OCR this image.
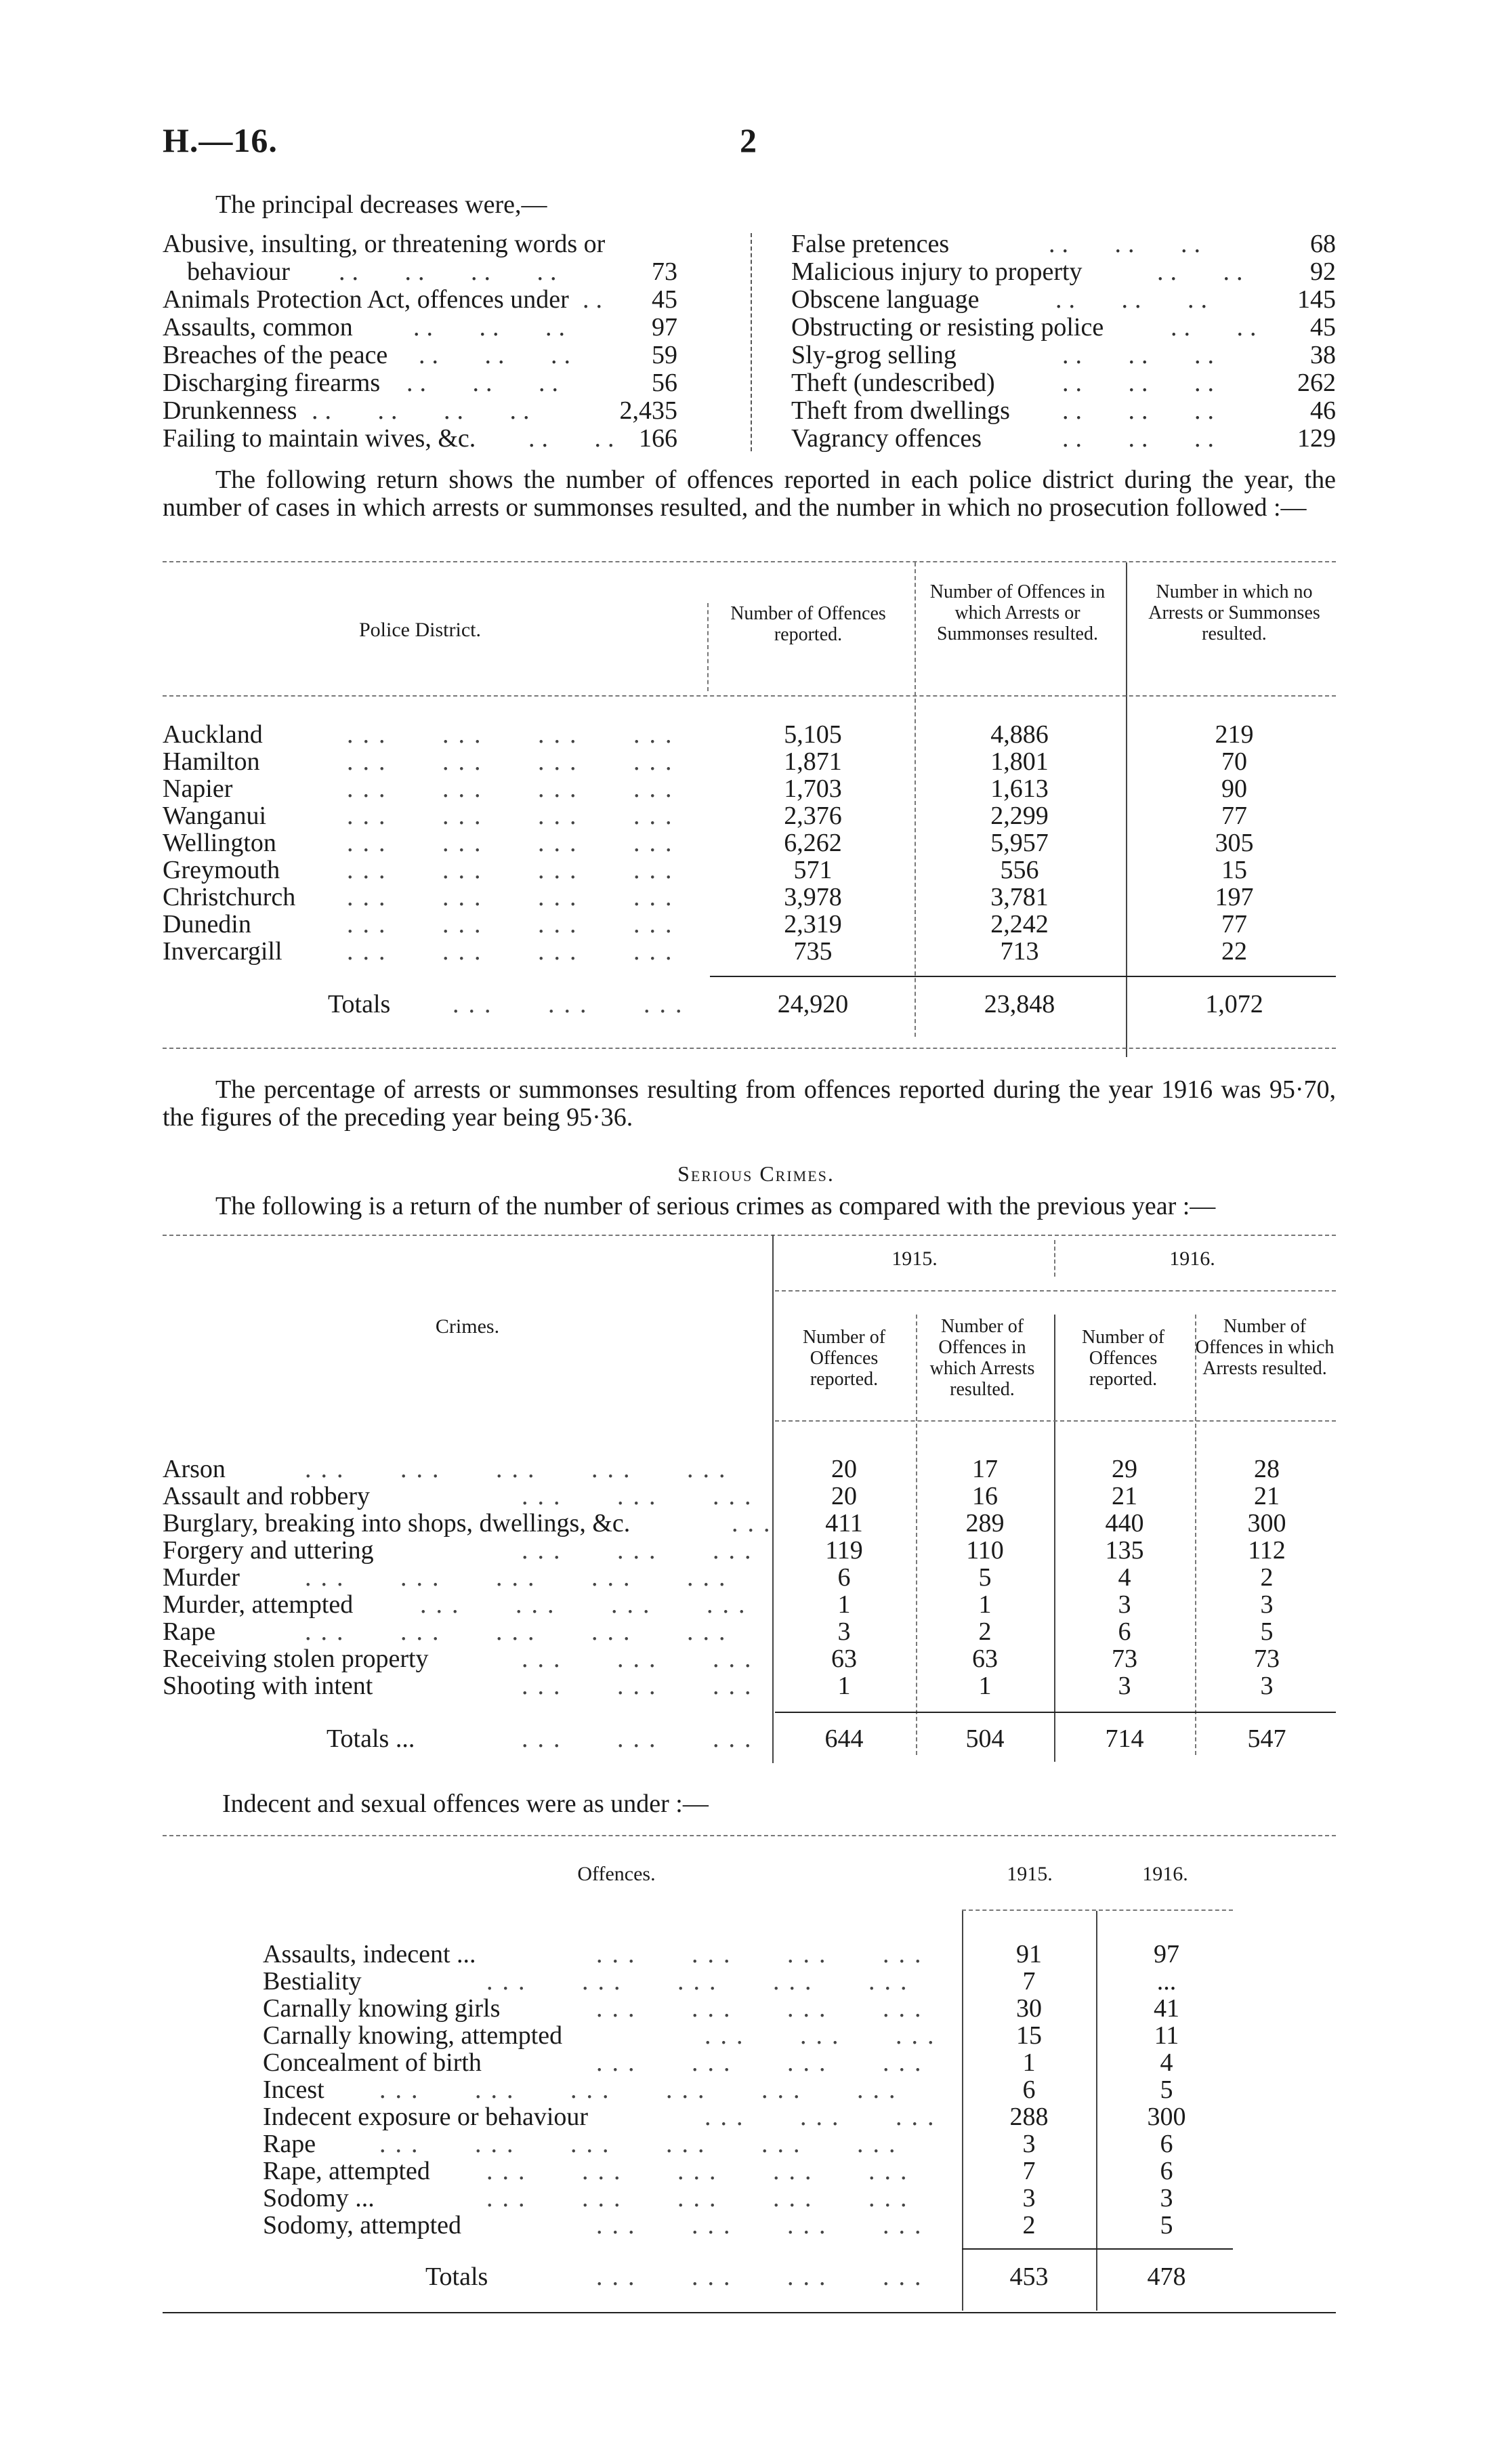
H.—16.	2
The principal decreases were,—
Abusive, insulting, or threatening words or
behaviour ..   ..   ..   ..	73
Animals Protection Act, offences under .. 45
Assaults, common ..   ..   ..	97
Breaches of the peace ..   ..   ..	59
Discharging firearms ..   ..   ..	56
Drunkenness ..   ..   ..   ..	2,435
Failing to maintain wives, &c. ..   .. 166
False pretences	..   ..   ..	68
Malicious injury to property	..   .. 92
Obscene language	..   ..   ..	145
Obstructing or resisting police	..   .. 45
Sly-grog selling	..   ..   ..	38
Theft (undescribed)	..   ..   ..	262
Theft from dwellings ..   ..   ..	46
Vagrancy offences	..   ..   ..	129
The following return shows the number of offences reported in each police district during the year, the number of cases in which arrests or summonses resulted, and the number in which no prosecution followed :—
Police District.
Number of Offences reported.
Number of Offences in which Arrests or Summonses resulted.
Number in which no Arrests or Summonses resulted.
Auckland	...   ...   ...   ...	5,105	4,886	219
Hamilton	...   ...   ...   ...	1,871	1,801	70
Napier	...   ...   ...   ...	1,703	1,613	90
Wanganui	...   ...   ...   ...	2,376	2,299	77
Wellington	...   ...   ...   ...	6,262	5,957	305
Greymouth	...   ...   ...   ...	571	556	15
Christchurch ...   ...   ...   ...	3,978	3,781	197
Dunedin	...   ...   ...   ...	2,319	2,242	77
Invercargill	...   ...   ...   ...	735	713	22
Totals ...   ...   ...	24,920	23,848	1,072
The percentage of arrests or summonses resulting from offences reported during the year 1916 was 95·70, the figures of the preceding year being 95·36.
Serious Crimes.
The following is a return of the number of serious crimes as compared with the previous year :—
1915.	1916.
Crimes.	Number of Offences reported.
Number of Offences in which Arrests resulted.
Number of Offences reported.
Number of Offences in which Arrests resulted.
Arson	...   ...   ...   ...   ...	20	17	29	28
Assault and robbery	...   ...   ...	20	16	21	21
Burglary, breaking into shops, dwellings, &c.	...	411	289	440	300
Forgery and uttering	...   ...   ...	119	110	135	112
Murder	...   ...   ...   ...   ...	6	5	4	2
Murder, attempted	...   ...   ...   ...	1	1	3	3
Rape	...   ...   ...   ...   ...	3	2	6	5
Receiving stolen property	...   ...   ...	63	63	73	73
Shooting with intent	...   ...   ...	1	1	3	3
Totals ...	...   ...   ...	644	504	714	547
Indecent and sexual offences were as under :—
Offences.	1915.	1916.
Assaults, indecent ...	...   ...   ...   ...	91	97
Bestiality	...   ...   ...   ...   ...	7	...
Carnally knowing girls	...   ...   ...   ...	30	41
Carnally knowing, attempted	...   ...   ...	15	11
Concealment of birth	...   ...   ...   ...	1	4
Incest ...   ...   ...   ...   ...   ...	6	5
Indecent exposure or behaviour	...   ...   ...	288	300
Rape ...   ...   ...   ...   ...   ...	3	6
Rape, attempted ...   ...   ...   ...   ...	7	6
Sodomy ...	...   ...   ...   ...   ...	3	3
Sodomy, attempted	...   ...   ...   ...	2	5
Totals	...   ...   ...   ...	453	478
